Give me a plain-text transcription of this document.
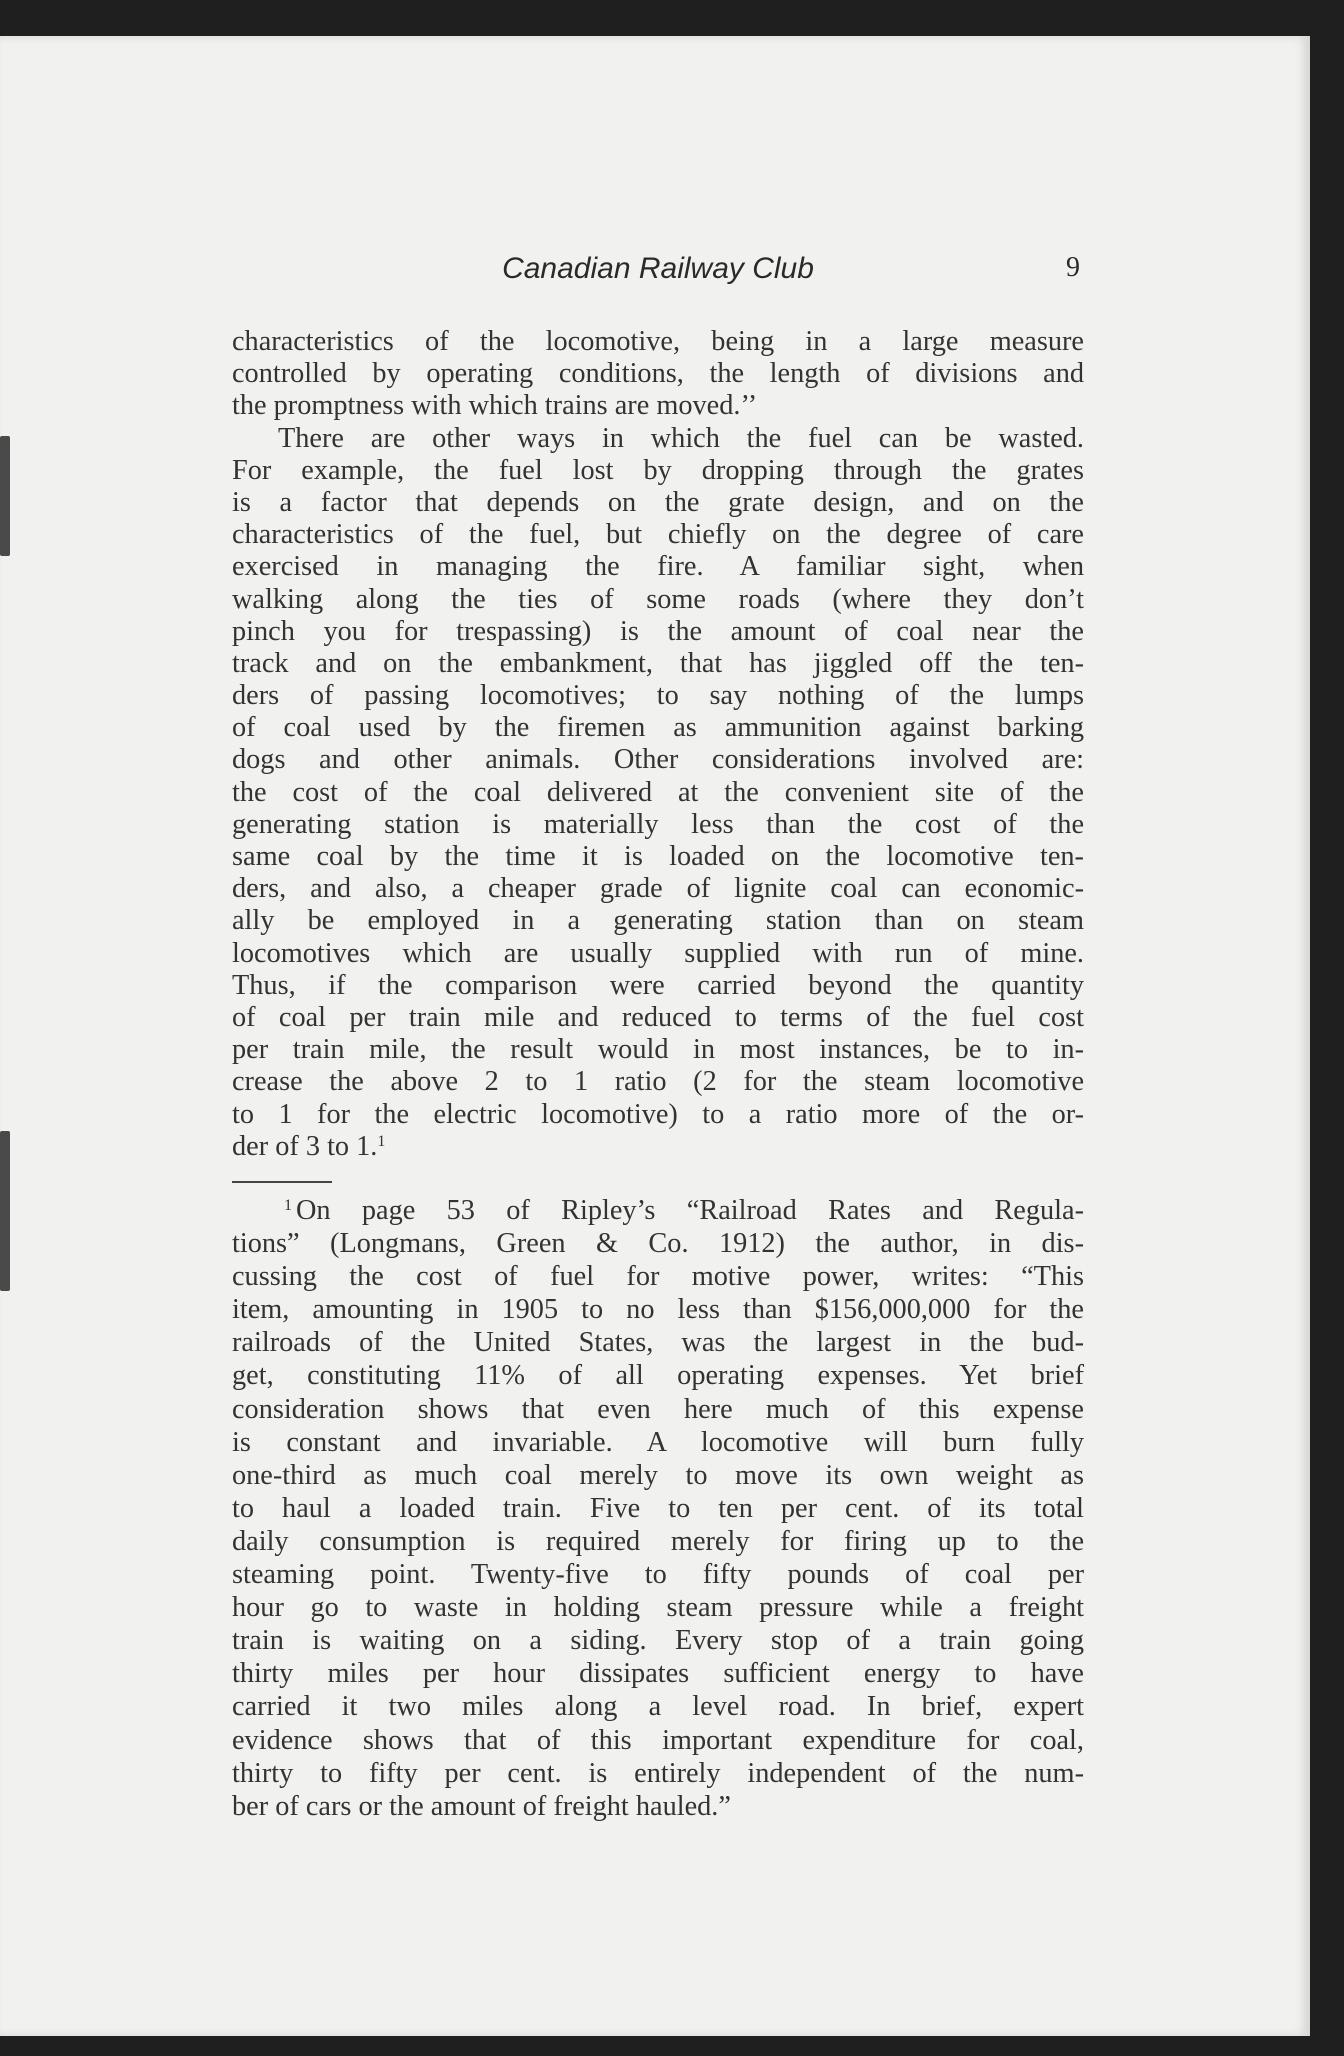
Canadian Railway Club	9
characteristics of the locomotive, being in a large measure
controlled by operating conditions, the length of divisions and
the promptness with which trains are moved.’’
There are other ways in which the fuel can be wasted.
For example, the fuel lost by dropping through the grates
is a factor that depends on the grate design, and on the
characteristics of the fuel, but chiefly on the degree of care
exercised in managing the fire. A familiar sight, when
walking along the ties of some roads (where they don’t
pinch you for trespassing) is the amount of coal near the
track and on the embankment, that has jiggled off the ten-
ders of passing locomotives; to say nothing of the lumps
of coal used by the firemen as ammunition against barking
dogs and other animals. Other considerations involved are:
the cost of the coal delivered at the convenient site of the
generating station is materially less than the cost of the
same coal by the time it is loaded on the locomotive ten-
ders, and also, a cheaper grade of lignite coal can economic-
ally be employed in a generating station than on steam
locomotives which are usually supplied with run of mine.
Thus, if the comparison were carried beyond the quantity
of coal per train mile and reduced to terms of the fuel cost
per train mile, the result would in most instances, be to in-
crease the above 2 to 1 ratio (2 for the steam locomotive
to 1 for the electric locomotive) to a ratio more of the or-
der of 3 to 1.$^1$
$^1$ On page 53 of Ripley’s “Railroad Rates and Regula-
tions” (Longmans, Green & Co. 1912) the author, in dis-
cussing the cost of fuel for motive power, writes: “This
item, amounting in 1905 to no less than $156,000,000 for the
railroads of the United States, was the largest in the bud-
get, constituting 11% of all operating expenses. Yet brief
consideration shows that even here much of this expense
is constant and invariable. A locomotive will burn fully
one-third as much coal merely to move its own weight as
to haul a loaded train. Five to ten per cent. of its total
daily consumption is required merely for firing up to the
steaming point. Twenty-five to fifty pounds of coal per
hour go to waste in holding steam pressure while a freight
train is waiting on a siding. Every stop of a train going
thirty miles per hour dissipates sufficient energy to have
carried it two miles along a level road. In brief, expert
evidence shows that of this important expenditure for coal,
thirty to fifty per cent. is entirely independent of the num-
ber of cars or the amount of freight hauled.”
